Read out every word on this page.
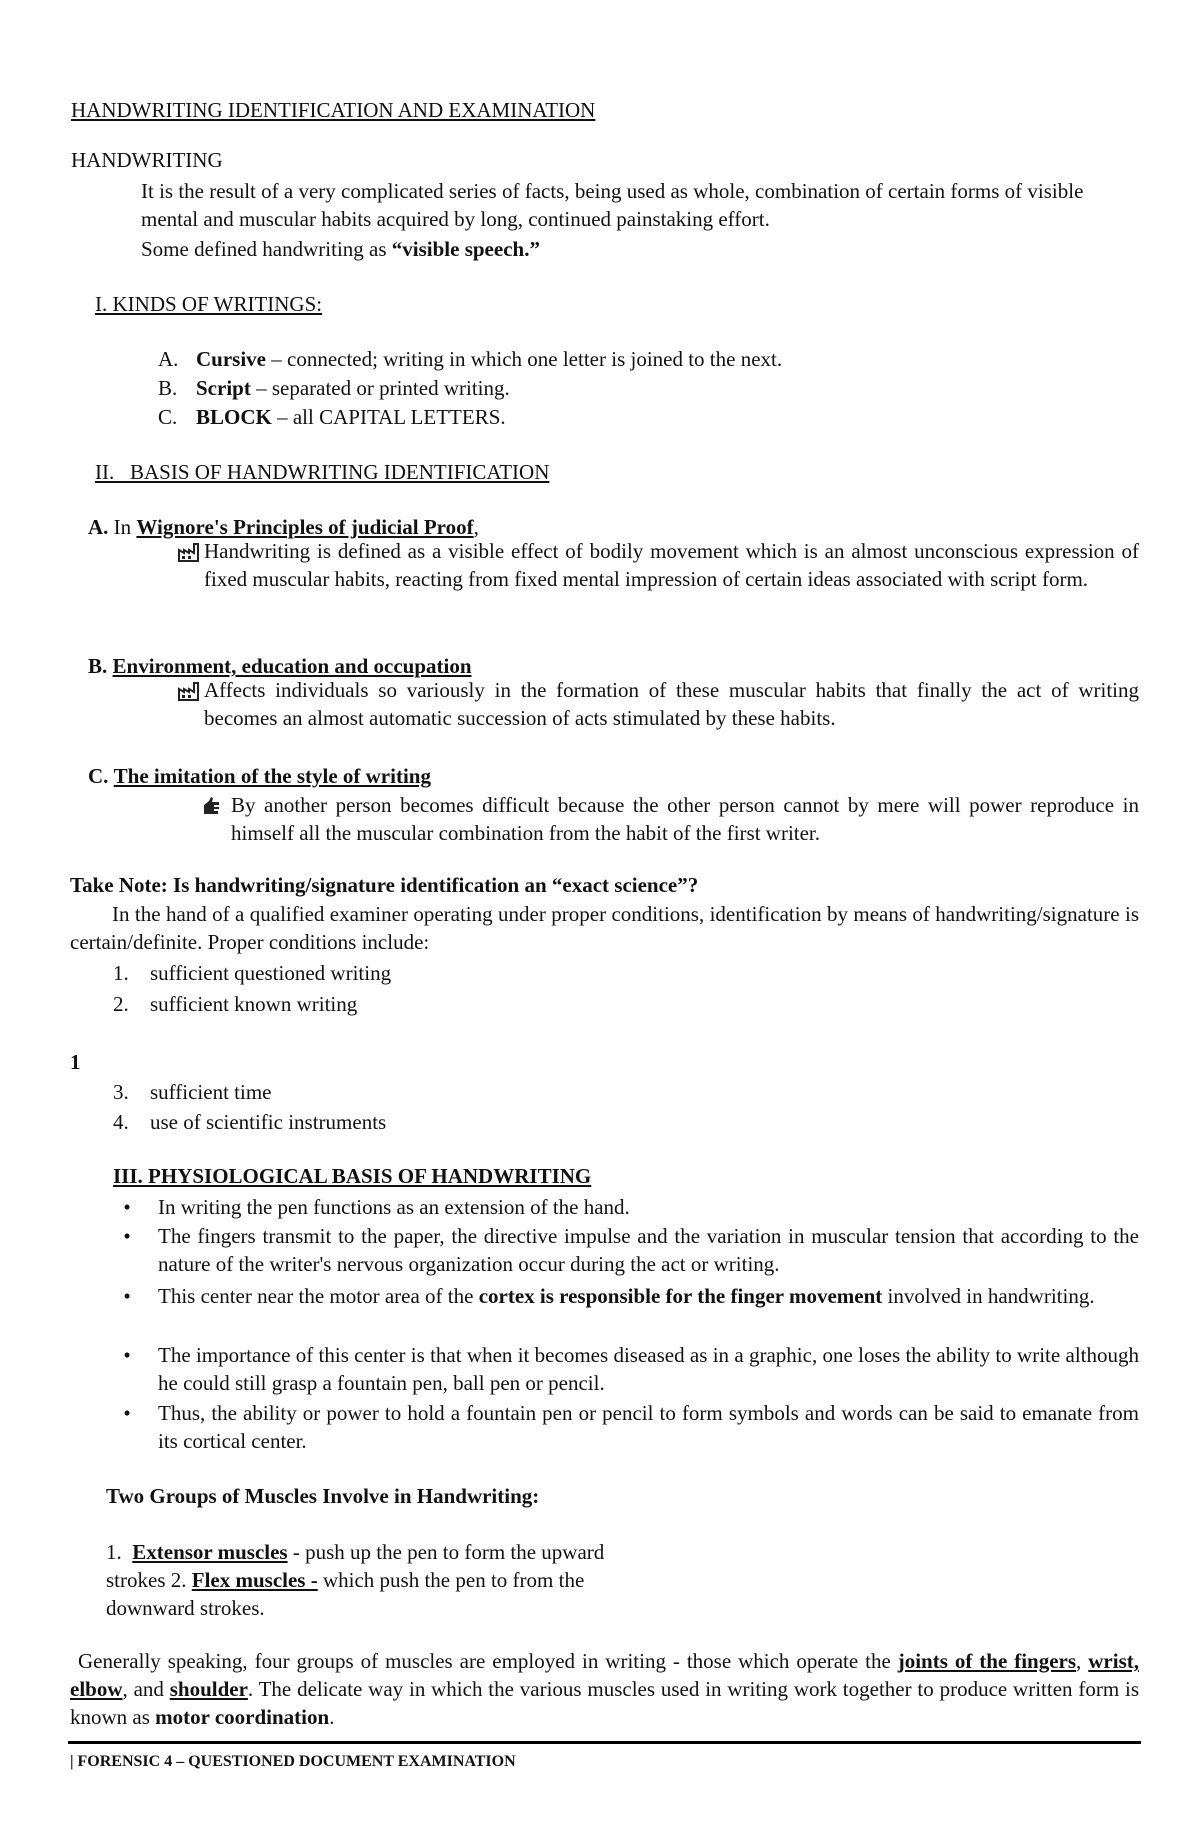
HANDWRITING IDENTIFICATION AND EXAMINATION
HANDWRITING
It is the result of a very complicated series of facts, being used as whole, combination of certain forms of visible mental and muscular habits acquired by long, continued painstaking effort.
Some defined handwriting as “visible speech.”
I. KINDS OF WRITINGS:
A. Cursive – connected; writing in which one letter is joined to the next.
B. Script – separated or printed writing.
C. BLOCK – all CAPITAL LETTERS.
II.   BASIS OF HANDWRITING IDENTIFICATION
A. In Wignore's Principles of judicial Proof,
Handwriting is defined as a visible effect of bodily movement which is an almost unconscious expression of fixed muscular habits, reacting from fixed mental impression of certain ideas associated with script form.
B. Environment, education and occupation
Affects individuals so variously in the formation of these muscular habits that finally the act of writing becomes an almost automatic succession of acts stimulated by these habits.
C. The imitation of the style of writing
By another person becomes difficult because the other person cannot by mere will power reproduce in himself all the muscular combination from the habit of the first writer.
Take Note: Is handwriting/signature identification an “exact science”?
In the hand of a qualified examiner operating under proper conditions, identification by means of handwriting/signature is certain/definite. Proper conditions include:
1. sufficient questioned writing
2. sufficient known writing
1
3. sufficient time
4. use of scientific instruments
III. PHYSIOLOGICAL BASIS OF HANDWRITING
•	In writing the pen functions as an extension of the hand.
•	The fingers transmit to the paper, the directive impulse and the variation in muscular tension that according to the nature of the writer's nervous organization occur during the act or writing.
•	This center near the motor area of the cortex is responsible for the finger movement involved in handwriting.
•	The importance of this center is that when it becomes diseased as in a graphic, one loses the ability to write although he could still grasp a fountain pen, ball pen or pencil.
•	Thus, the ability or power to hold a fountain pen or pencil to form symbols and words can be said to emanate from its cortical center.
Two Groups of Muscles Involve in Handwriting:
1. Extensor muscles - push up the pen to form the upward strokes 2. Flex muscles - which push the pen to from the downward strokes.
Generally speaking, four groups of muscles are employed in writing - those which operate the joints of the fingers, wrist, elbow, and shoulder. The delicate way in which the various muscles used in writing work together to produce written form is known as motor coordination.
| FORENSIC 4 – QUESTIONED DOCUMENT EXAMINATION
